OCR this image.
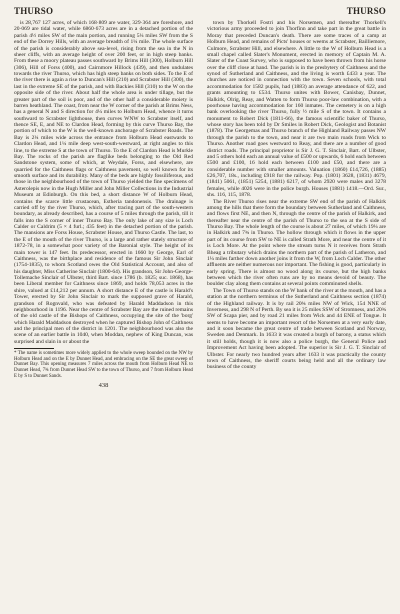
THURSO	THURSO

is 28,767 127 acres, of which 168·809 are water, 329·364 are foreshore, and 20·069 are tidal water, while 6860·673 acres are in a detached portion of the parish 4½ miles SW of the main portion, and running 5¼ miles SW from the S end of the Dorrey Hills, with an average breadth of 1¼ mile. The whole surface of the parish is considerably above sea-level, rising from the sea in the N in sheer cliffs, with an average height of over 200 feet, or in high steep banks. From these a moory plateau passes southward by Brims Hill (300), Holburn Hill (306), Hill of Forss (400), and Cairnmore Hillock (439), and then undulates towards the river Thurso, which has high steep banks on both sides. To the E of the river there is again a rise to Duncan's Hill (210) and Scrabster Hill (300), the last in the extreme SE of the parish, and with Backies Hill (310) to the W on the opposite side of the river. About half the whole area is under tillage, but the greater part of the soil is poor, and of the other half a considerable moiety is barren heathland. The coast, from near the W corner of the parish at Brims Ness, has a general N and S direction for 4¼ miles to Holburn Head, whence it turns southward to Scrabster lighthouse, then curves WNW to Scrabster itself, and thence SE, E, and NE to Clardon Head, forming by this curve Thurso Bay, the portion of which to the W is the well-known anchorage of Scrabster Roads. The Bay is 2¼ miles wide across the entrance from Holburn Head eastwards to Clardon Head, and 1¼ mile deep west-south-westward, at right angles to this line, to the extreme S at the town of Thurso. To the E of Clardon Head is Murkle Bay. The rocks of the parish are flaglike beds belonging to the Old Red Sandstone system, some of which, at Weydale, Forss, and elsewhere, are quarried for the Caithness flags or Caithness pavement, so well known for its smooth surface and its durability. Many of the beds are highly fossiliferous, and those in the neighbourhood of the town of Thurso yielded the fine specimens of Asterolepis now in the Hugh Miller and John Miller Collections in the Industrial Museum at Edinburgh. On this bed, a short distance W of Holburn Head, contains the scarce little crustacean, Estheria tandonensis. The drainage is carried off by the river Thurso, which, after tracing part of the south-western boundary, as already described, has a course of 5 miles through the parish, till it falls into the S corner of inner Thurso Bay. The only lake of any size is Loch Calder or Caldrim (5 × 4 furl.; 435 feet) in the detached portion of the parish. The mansions are Forss House, Scrabster House, and Thurso Castle. The last, to the E of the mouth of the river Thurso, is a large and rather stately structure of 1872-78, in a somewhat poor variety of the Baronial style. The height of its main tower is 147 feet. Its predecessor, erected in 1660 by George, Earl of Caithness, was the birthplace and residence of the famous Sir John Sinclair (1754-1835), to whom Scotland owes the Old Statistical Account, and also of his daughter, Miss Catherine Sinclair (1800-64). His grandson, Sir John-George-Tollemache Sinclair of Ulbster, third Bart. since 1786 (b. 1825; suc. 1868), has been Liberal member for Caithness since 1869, and holds 78,053 acres in the shire, valued at £14,212 per annum. A short distance E of the castle is Harald's Tower, erected by Sir John Sinclair to mark the supposed grave of Harald, grandson of Rognvald, who was defeated by Harald Maddadson in this neighbourhood in 1196. Near the centre of Scrabster Bay are the ruined remains of the old castle of the Bishops of Caithness, occupying the site of the 'borg' which Harald Maddadson destroyed when he captured Bishop John of Caithness and the principal men of the district in 1201. The neighbourhood was also the scene of an earlier battle in 1040, when Moddan, nephew of King Duncan, was surprised and slain in or about the

* The name is sometimes more widely applied to the whole sweep bounded on the NW by Holburn Head and on the E by Dunnet Head, and embracing on the SE the great sweep of Dunnet Bay. This opening measures 7 miles across the mouth from Holburn Head NE to Dunnet Head, 7¾ from Dunnet Head SW to the town of Thurso, and 7 from Holburn Head E by S to Dunnet Sands.
438

town by Thorkell Fostri and his Norsemen, and thereafter Thorkell's victorious army proceeded to join Thorfinn and take part in the great battle in Moray that preceded Duncan's death. There are some traces of a camp at Holburn Head, and remains of Picts' houses or weems at Scrabster, Bailliemore, Culmore, Scrabster Hill, and elsewhere. A little to the W of Holburn Head is a small chapel called Slater's Monument, erected in memory of Captain M. A. Slater of the Coast Survey, who is supposed to have been thrown from his horse over the cliff close at hand. The parish is in the presbytery of Caithness and the synod of Sutherland and Caithness, and the living is worth £433 a year. The churches are noticed in connection with the town. Seven schools, with total accommodation for 1582 pupils, had (1883) an average attendance of 622, and grants amounting to £534. Thurso unites with Bower, Canisbay, Dunnet, Halkirk, Olrig, Reay, and Watten to form Thurso poor-law combination, with a poorhouse having accommodation for 160 inmates. The cemetery is on a high bank overlooking the river Thurso, fully ½ mile S of the town. It contains a monument to Robert Dick (1811-66), the famous scientific baker of Thurso, whose story has been told by Dr Smiles in Robert Dick, Geologist and Botanist (1878). The Georgemas and Thurso branch of the Highland Railway passes NW through the parish to the town, and near it are two main roads from Wick to Thurso. Another road goes westward to Reay, and there are a number of good district roads. The principal proprietor is Sir J. G. T. Sinclair, Bart. of Ulbster, and 5 others hold each an annual value of £500 or upwards, 6 hold each between £500 and £100, 16 hold each between £100 and £50, and there are a considerable number with smaller amounts. Valuation (1860) £14,726, (1885) £26,707, 18s., including £918 for the railway. Pop. (1801) 3628, (1831) 4679, (1841) 5061, (1851) 5254, (1881) 6217, of whom 2920 were males and 3278 females, while 4026 were in the police burgh. Houses (1881) 1418.—Ord. Sur., shs. 116, 115, 1878.

The River Thurso rises near the extreme SW end of the parish of Halkirk among the hills that there form the boundary between Sutherland and Caithness, and flows first NE, and then N, through the centre of the parish of Halkirk, and thereafter near the centre of the parish of Thurso to the sea at the S side of Thurso Bay. The whole length of the course is about 27 miles, of which 19¼ are in Halkirk and 7¾ in Thurso. The hollow through which it flows in the upper part of its course from SW to NE is called Strath More, and near the centre of it is Loch More. At the point where the stream turns N it receives from Strath Bheag a tributary which drains the northern part of the parish of Latheron, and 1¼ miles farther down another joins it from the W, from Loch Calder. The other affluents are neither numerous nor important. The fishing is good, particularly in early spring. There is almost no wood along its course, but the high banks between which the river often runs are by no means devoid of beauty. The boulder clay along them contains at several points comminuted shells.

The Town of Thurso stands on the W bank of the river at the mouth, and has a station at the northern terminus of the Sutherland and Caithness section (1874) of the Highland railway. It is by rail 20¾ miles NW of Wick, 154 NNE of Inverness, and 298 N of Perth. By sea it is 25 miles SSW of Stromness, and 20¾ SW of Scapa pier, and by road 21 miles from Wick and 44 ENE of Tongue. It seems to have become an important resort of the Norsemen at a very early date, and it soon became the great centre of trade between Scotland and Norway, Sweden and Denmark. In 1633 it was created a burgh of barony, a status which it still holds, though it is now also a police burgh, the General Police and Improvement Act having been adopted. The superior is Sir J. G. T. Sinclair of Ulbster. For nearly two hundred years after 1633 it was practically the county town of Caithness, the sheriff courts being held and all the ordinary law business of the county
